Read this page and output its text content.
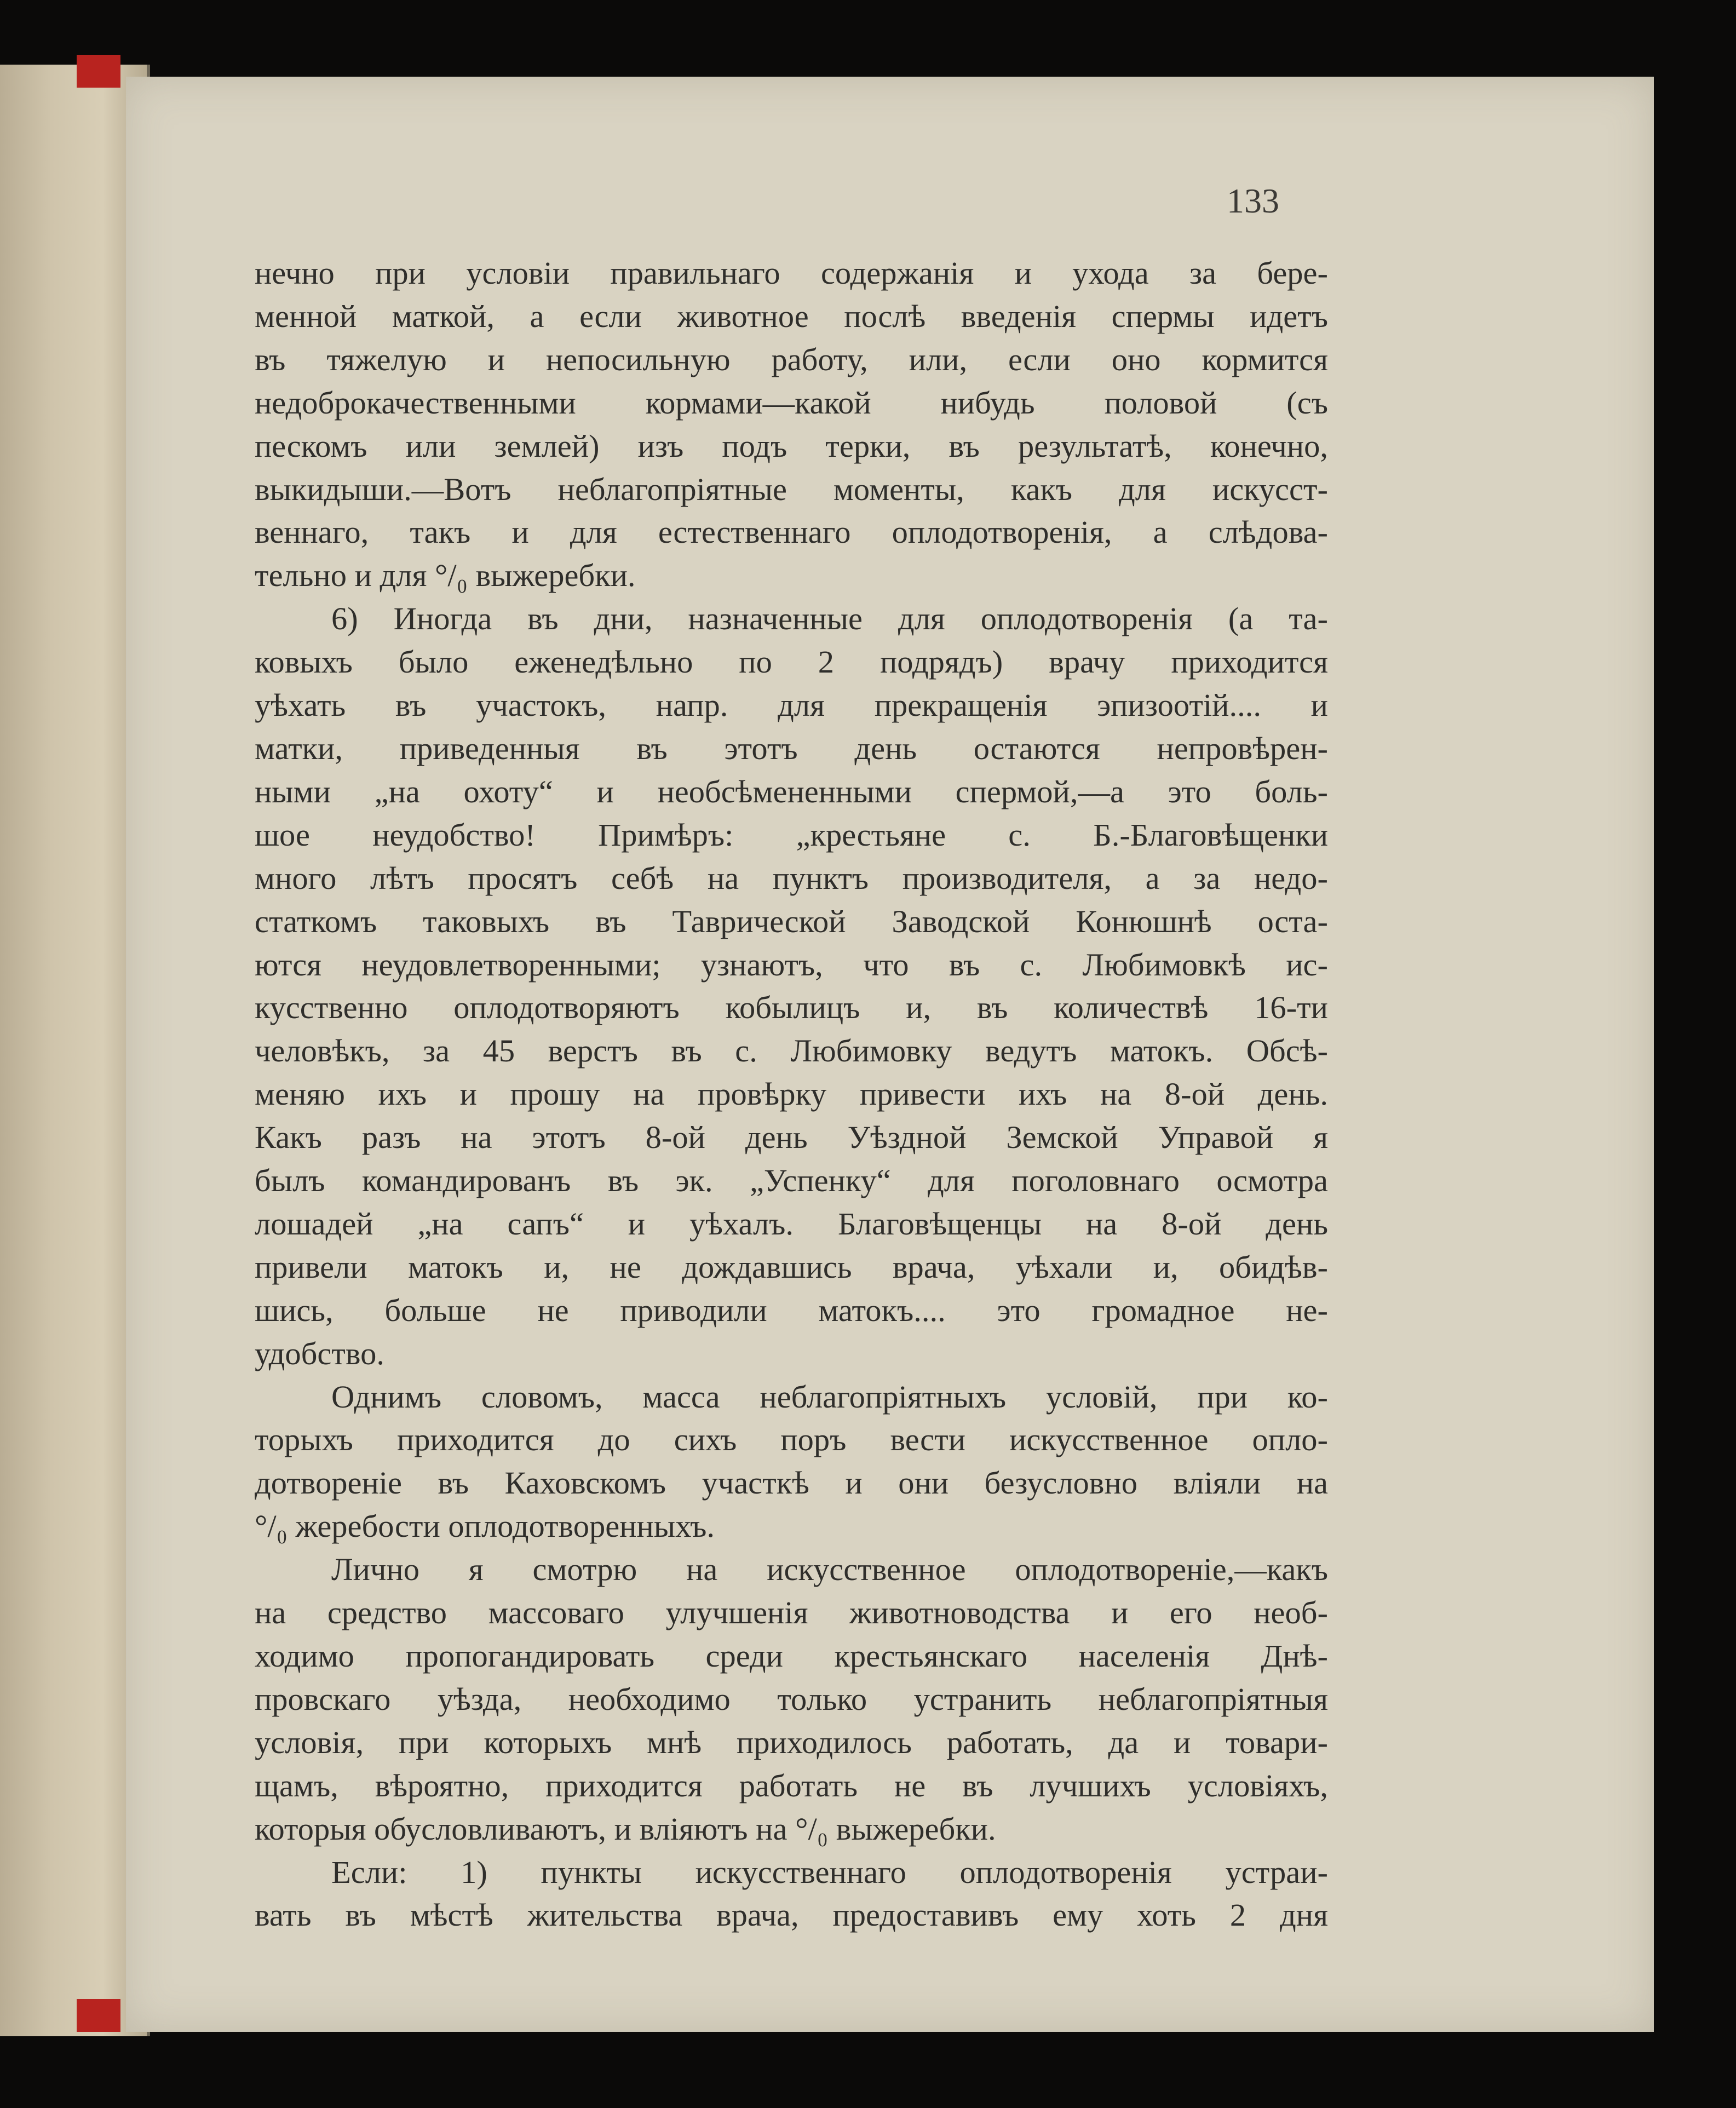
133
нечно при условіи правильнаго содержанія и ухода за бере-
менной маткой, а если животное послѣ введенія спермы идетъ
въ тяжелую и непосильную работу, или, если оно кормится
недоброкачественными кормами—какой нибудь половой (съ
пескомъ или землей) изъ подъ терки, въ результатѣ, конечно,
выкидыши.—Вотъ неблагопріятные моменты, какъ для искусст-
веннаго, такъ и для естественнаго оплодотворенія, а слѣдова-
тельно и для °/₀ выжеребки.
6) Иногда въ дни, назначенные для оплодотворенія (а та-
ковыхъ было еженедѣльно по 2 подрядъ) врачу приходится
уѣхать въ участокъ, напр. для прекращенія эпизоотій.... и
матки, приведенныя въ этотъ день остаются непровѣрен-
ными „на охоту“ и необсѣмененными спермой,—а это боль-
шое неудобство! Примѣръ: „крестьяне с. Б.-Благовѣщенки
много лѣтъ просятъ себѣ на пунктъ производителя, а за недо-
статкомъ таковыхъ въ Таврической Заводской Конюшнѣ оста-
ются неудовлетворенными; узнаютъ, что въ с. Любимовкѣ ис-
кусственно оплодотворяютъ кобылицъ и, въ количествѣ 16-ти
человѣкъ, за 45 верстъ въ с. Любимовку ведутъ матокъ. Обсѣ-
меняю ихъ и прошу на провѣрку привести ихъ на 8-ой день.
Какъ разъ на этотъ 8-ой день Уѣздной Земской Управой я
былъ командированъ въ эк. „Успенку“ для поголовнаго осмотра
лошадей „на сапъ“ и уѣхалъ. Благовѣщенцы на 8-ой день
привели матокъ и, не дождавшись врача, уѣхали и, обидѣв-
шись, больше не приводили матокъ.... это громадное не-
удобство.
Однимъ словомъ, масса неблагопріятныхъ условій, при ко-
торыхъ приходится до сихъ поръ вести искусственное опло-
дотвореніе въ Каховскомъ участкѣ и они безусловно вліяли на
°/₀ жеребости оплодотворенныхъ.
Лично я смотрю на искусственное оплодотвореніе,—какъ
на средство массоваго улучшенія животноводства и его необ-
ходимо пропогандировать среди крестьянскаго населенія Днѣ-
провскаго уѣзда, необходимо только устранить неблагопріятныя
условія, при которыхъ мнѣ приходилось работать, да и товари-
щамъ, вѣроятно, приходится работать не въ лучшихъ условіяхъ,
которыя обусловливаютъ, и вліяютъ на °/₀ выжеребки.
Если: 1) пункты искусственнаго оплодотворенія устраи-
вать въ мѣстѣ жительства врача, предоставивъ ему хоть 2 дня
